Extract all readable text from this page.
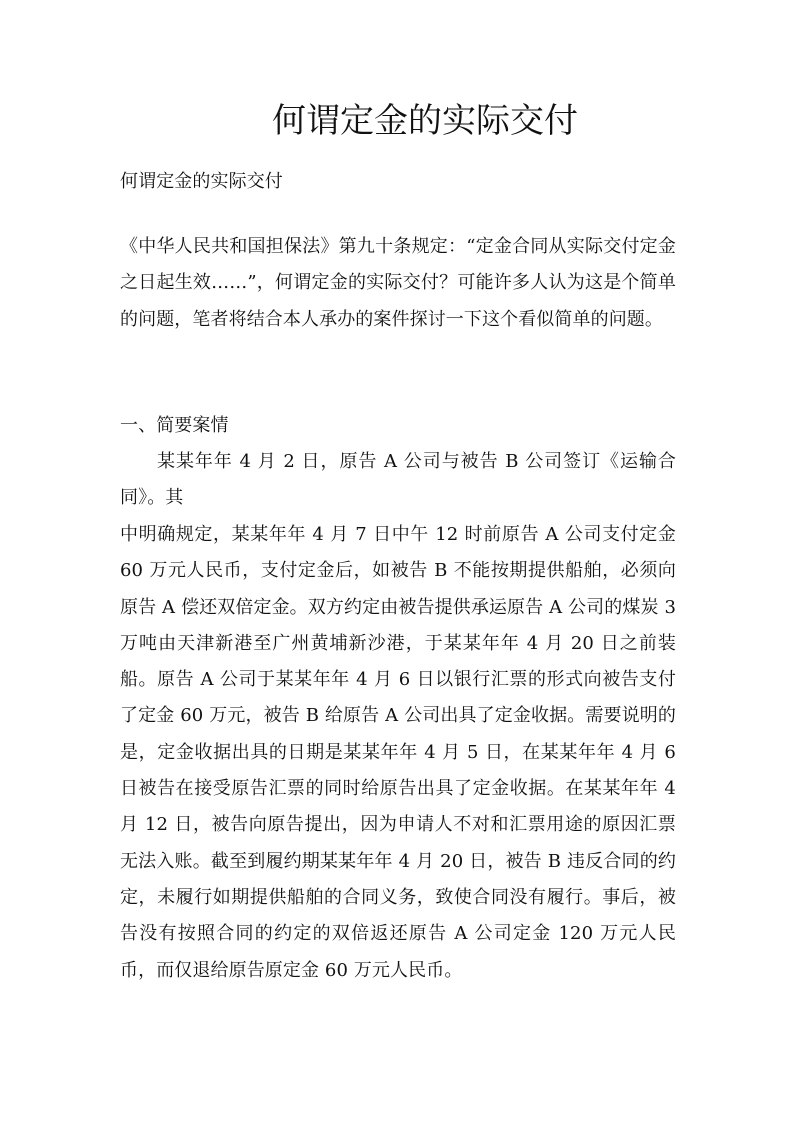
何谓定金的实际交付

何谓定金的实际交付

《中华人民共和国担保法》第九十条规定：“定金合同从实际交付定金之日起生效……”，何谓定金的实际交付？可能许多人认为这是个简单的问题，笔者将结合本人承办的案件探讨一下这个看似简单的问题。

一、简要案情

某某年年 4 月 2 日，原告 A 公司与被告 B 公司签订《运输合同》。其

中明确规定，某某年年 4 月 7 日中午 12 时前原告 A 公司支付定金 60 万元人民币，支付定金后，如被告 B 不能按期提供船舶，必须向原告 A 偿还双倍定金。双方约定由被告提供承运原告 A 公司的煤炭 3 万吨由天津新港至广州黄埔新沙港，于某某年年 4 月 20 日之前装船。原告 A 公司于某某年年 4 月 6 日以银行汇票的形式向被告支付了定金 60 万元，被告 B 给原告 A 公司出具了定金收据。需要说明的是，定金收据出具的日期是某某年年 4 月 5 日，在某某年年 4 月 6 日被告在接受原告汇票的同时给原告出具了定金收据。在某某年年 4 月 12 日，被告向原告提出，因为申请人不对和汇票用途的原因汇票无法入账。截至到履约期某某年年 4 月 20 日，被告 B 违反合同的约定，未履行如期提供船舶的合同义务，致使合同没有履行。事后，被告没有按照合同的约定的双倍返还原告 A 公司定金 120 万元人民币，而仅退给原告原定金 60 万元人民币。
